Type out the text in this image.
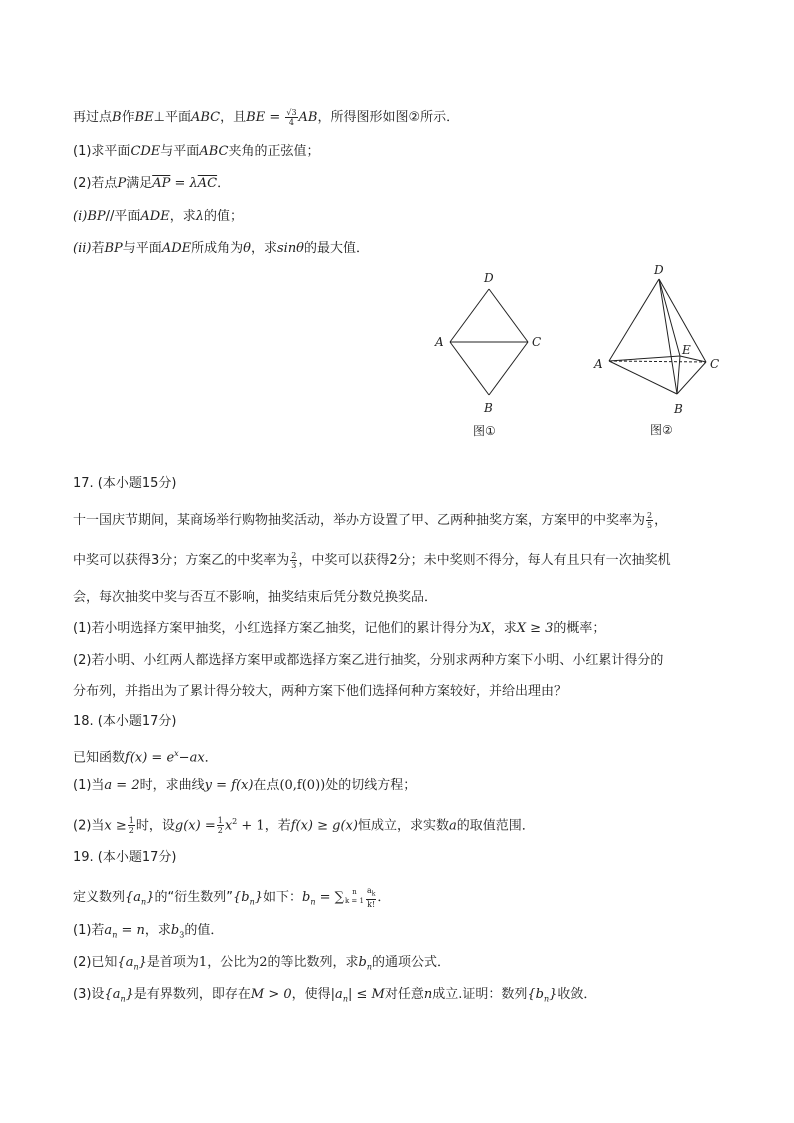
再过点B作BE⊥平面ABC，且BE = $\frac{√3}{4}$ AB，所得图形如图②所示．
(1)求平面CDE与平面ABC夹角的正弦值；
(2)若点P满足$\overline{AP} = \lambda\overline{AC}$．
(i)BP//平面ADE，求λ的值；
(ii)若BP与平面ADE所成角为θ，求sinθ的最大值．
D
A	C
B
图①
D
A
E
C
B
图②
17. (本小题15分)
十一国庆节期间，某商场举行购物抽奖活动，举办方设置了甲、乙两种抽奖方案，方案甲的中奖率为 $\frac{2}{5}$ ，
中奖可以获得3分；方案乙的中奖率为 $\frac{2}{3}$ ，中奖可以获得2分；未中奖则不得分，每人有且只有一次抽奖机
会，每次抽奖中奖与否互不影响，抽奖结束后凭分数兑换奖品．
(1)若小明选择方案甲抽奖，小红选择方案乙抽奖，记他们的累计得分为X，求X ≥ 3的概率；
(2)若小明、小红两人都选择方案甲或都选择方案乙进行抽奖，分别求两种方案下小明、小红累计得分的
分布列，并指出为了累计得分较大，两种方案下他们选择何种方案较好，并给出理由？
18. (本小题17分)
已知函数$f(x) = e^x-ax$．
(1)当a = 2时，求曲线y = f(x)在点(0,f(0))处的切线方程；
(2)当$x \ge \frac{1}{2}$ 时，设$g(x) = \frac{1}{2} x^2 + 1$，若f(x) ≥ g(x)恒成立，求实数a的取值范围．
19. (本小题17分)
定义数列$\{a_n\}$的“衍生数列$”\{b_n\}$如下：$b_n$ = ∑	n
$k = 1 \frac{a_k}{k!}$ ．
(1)若$a_n = n$，求$b_3$的值．
(2)已知$\{a_n\}$是首项为1，公比为2的等比数列，求$b_n$的通项公式．
(3)设$\{a_n\}$是有界数列，即存在M > 0，使得$|a_n| \le M$对任意n成立.证明：数列$\{b_n\}$收敛．
